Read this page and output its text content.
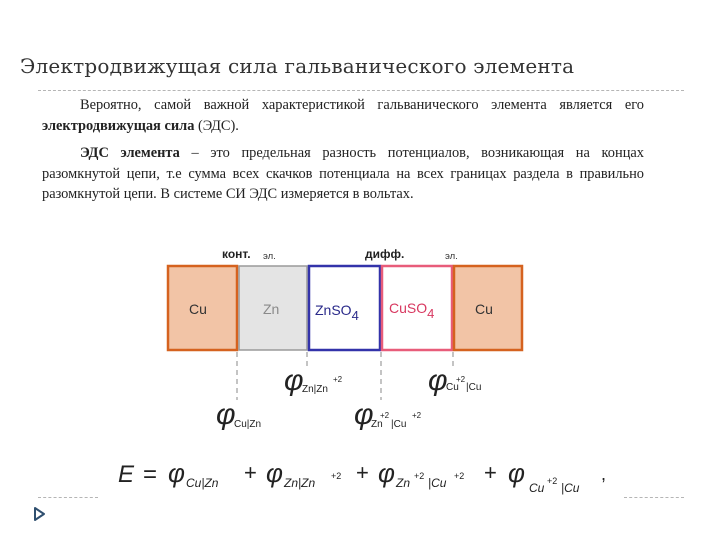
Электродвижущая сила гальванического элемента

Вероятно, самой важной характеристикой гальванического элемента является его электродвижущая сила (ЭДС).

ЭДС элемента – это предельная разность потенциалов, возникающая на концах разомкнутой цепи, т.е сумма всех скачков потенциала на всех границах раздела в правильно разомкнутой цепи. В системе СИ ЭДС измеряется в вольтах.

конт. эл.	дифф.	эл.
Cu	Zn	ZnSO4 CuSO4	Cu
φ
Zn|Zn
+2	φ
Cu
+2
|Cu
φ
Cu|Zn	φ
Zn
+2
|Cu
+2
E = φ Cu|Zn + φ Zn|Zn +2 + φ Zn +2 |Cu +2 + φ Cu +2 |Cu
,
